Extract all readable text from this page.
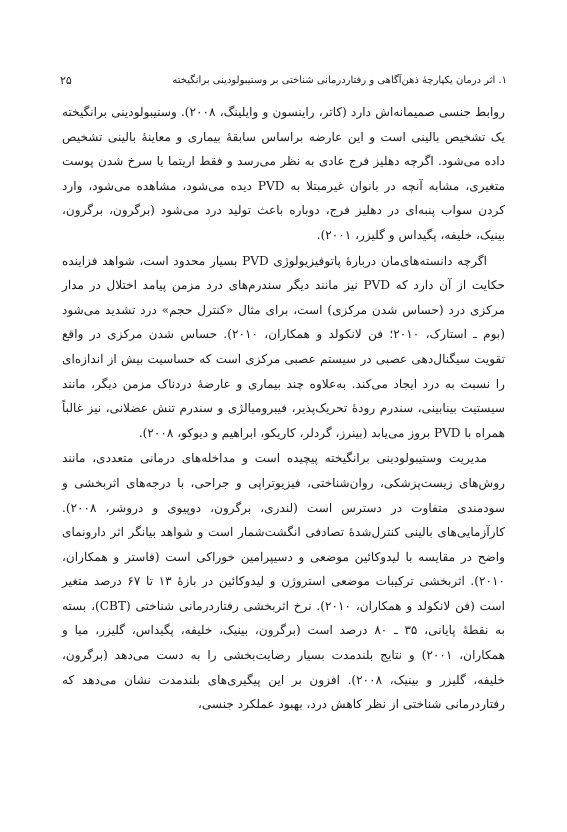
۱. اثر درمان یکپارچهٔ ذهن‌آگاهی و رفتاردرمانی شناختی بر وستیبولودینی برانگیخته
۲۵

روابط جنسی صمیمانه‌اش دارد (کاتر، راینسون و وایلینگ، ۲۰۰۸). وستیبولودینی برانگیخته یک تشخیص بالینی است و این عارضه براساس سابقهٔ بیماری و معاینهٔ بالینی تشخیص داده می‌شود. اگرچه دهلیز فرج عادی به نظر می‌رسد و فقط اریتما یا سرخ شدن پوست متغیری، مشابه آنچه در بانوان غیرمبتلا به PVD دیده می‌شود، مشاهده می‌شود، وارد کردن سواب پنبه‌ای در دهلیز فرج، دوباره باعث تولید درد می‌شود (برگرون، برگرون، بینیک، خلیفه، پگیداس و گلیزر، ۲۰۰۱).

اگرچه دانسته‌های‌مان دربارهٔ پاتوفیزیولوژی PVD بسیار محدود است، شواهد فزاینده حکایت از آن دارد که PVD نیز مانند دیگر سندرم‌های درد مزمن پیامد اختلال در مدار مرکزی درد (حساس شدن مرکزی) است، برای مثال «کنترل حجم» درد تشدید می‌شود (بوم ـ استارک، ۲۰۱۰؛ فن لانکولد و همکاران، ۲۰۱۰). حساس شدن مرکزی در واقع تقویت سیگنال‌دهی عصبی در سیستم عصبی مرکزی است که حساسیت بیش از اندازه‌ای را نسبت به درد ایجاد می‌کند. به‌علاوه چند بیماری و عارضهٔ دردناک مزمن دیگر، مانند سیستیت بینابینی، سندرم رودهٔ تحریک‌پذیر، فیبرومیالژی و سندرم تنش عضلانی، نیز غالباً همراه با PVD بروز می‌یابد (بینرز، گردلر، کاریکو، ابراهیم و دیوکو، ۲۰۰۸).

مدیریت وستیبولودینی برانگیخته پیچیده است و مداخله‌های درمانی متعددی، مانند روش‌های زیست‌پزشکی، روان‌شناختی، فیزیوتراپی و جراحی، با درجه‌های اثربخشی و سودمندی متفاوت در دسترس است (لندری، برگرون، دوپیوی و دروشر، ۲۰۰۸). کارآزمایی‌های بالینی کنترل‌شدهٔ تصادفی انگشت‌شمار است و شواهد بیانگر اثر دارونمای واضح در مقایسه با لیدوکائین موضعی و دسیپرامین خوراکی است (فاستر و همکاران، ۲۰۱۰). اثربخشی ترکیبات موضعی استروژن و لیدوکائین در بازهٔ ۱۳ تا ۶۷ درصد متغیر است (فن لانکولد و همکاران، ۲۰۱۰). نرخ اثربخشی رفتاردرمانی شناختی (CBT)، بسته به نقطهٔ پایانی، ۳۵ ـ ۸۰ درصد است (برگرون، بینیک، خلیفه، پگیداس، گلیزر، میا و همکاران، ۲۰۰۱) و نتایج بلندمدت بسیار رضایت‌بخشی را به دست می‌دهد (برگرون، خلیفه، گلیزر و بینیک، ۲۰۰۸). افزون بر این پیگیری‌های بلندمدت نشان می‌دهد که رفتاردرمانی شناختی از نظر کاهش درد، بهبود عملکرد جنسی،
